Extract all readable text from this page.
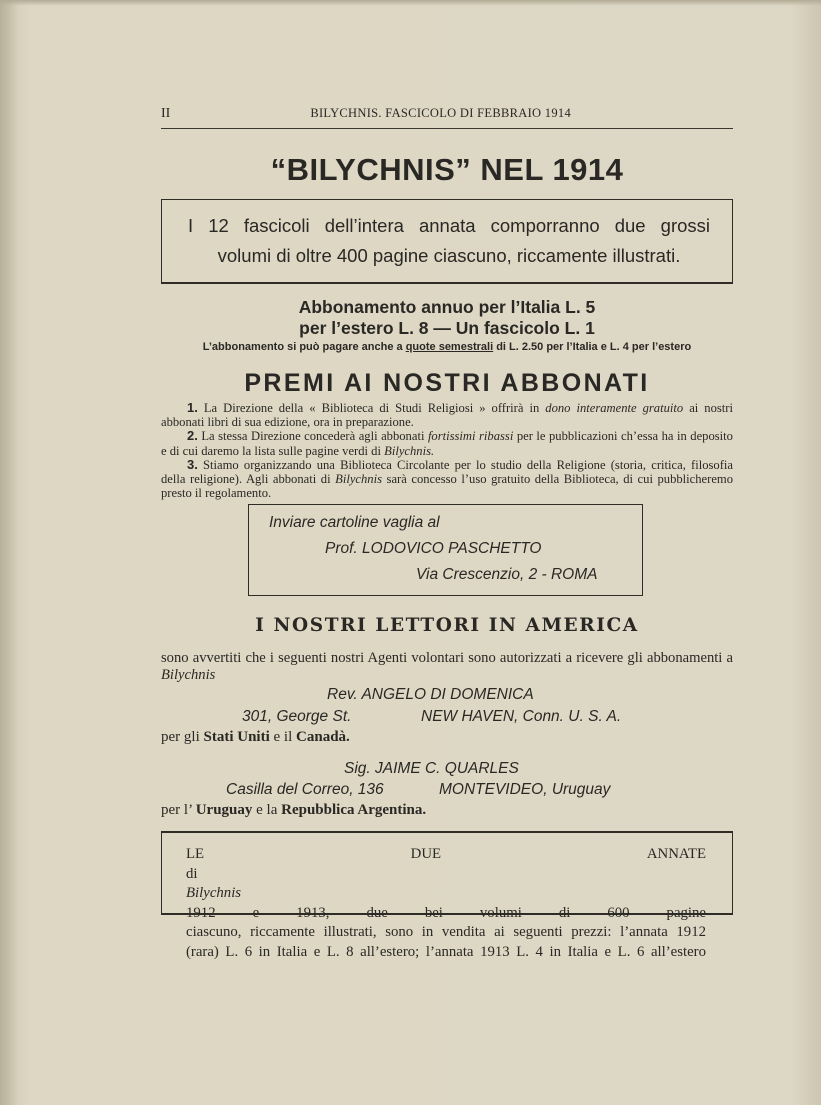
II	BILYCHNIS. FASCICOLO DI FEBBRAIO 1914
“BILYCHNIS” NEL 1914
I 12 fascicoli dell’intera annata comporranno due grossi
volumi di oltre 400 pagine ciascuno, riccamente illustrati.
Abbonamento annuo per l’Italia L. 5
per l’estero L. 8 — Un fascicolo L. 1
L’abbonamento si può pagare anche a quote semestrali di L. 2.50 per l’Italia e L. 4 per l’estero
PREMI AI NOSTRI ABBONATI

1. La Direzione della « Biblioteca di Studi Religiosi » offrirà in dono interamente gratuito ai nostri abbonati libri di sua edizione, ora in preparazione.

2. La stessa Direzione concederà agli abbonati fortissimi ribassi per le pubblicazioni ch’essa ha in deposito e di cui daremo la lista sulle pagine verdi di Bilychnis.

3. Stiamo organizzando una Biblioteca Circolante per lo studio della Religione (storia, critica, filosofia della religione). Agli abbonati di Bilychnis sarà concesso l’uso gratuito della Biblioteca, di cui pubblicheremo presto il regolamento.

Inviare cartoline vaglia al
Prof. LODOVICO PASCHETTO
Via Crescenzio, 2 - ROMA
I NOSTRI LETTORI IN AMERICA

sono avvertiti che i seguenti nostri Agenti volontari sono autorizzati a ricevere gli abbonamenti a Bilychnis

Rev. ANGELO DI DOMENICA
301, George St.	NEW HAVEN, Conn. U. S. A.
per gli Stati Uniti e il Canadà.
Sig. JAIME C. QUARLES
Casilla del Correo, 136	MONTEVIDEO, Uruguay
per l’ Uruguay e la Repubblica Argentina.
LE DUE ANNATE
di
Bilychnis
1912 e 1913, due bei volumi di 600 pagine
ciascuno, riccamente illustrati, sono in vendita ai seguenti prezzi: l’annata 1912
(rara) L. 6 in Italia e L. 8 all’estero; l’annata 1913 L. 4 in Italia e L. 6 all’estero
